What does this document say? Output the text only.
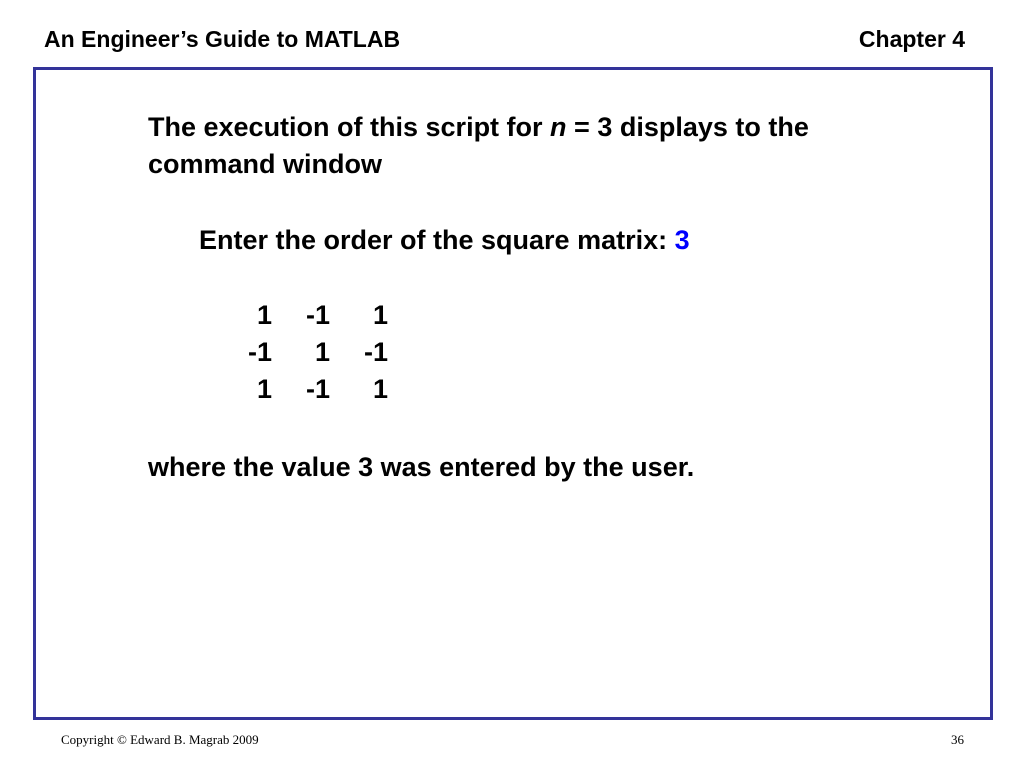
An Engineer’s Guide to MATLAB	Chapter 4
The execution of this script for n = 3 displays to the
command window
Enter the order of the square matrix: 3
1	-1	1
-1	1	-1
1	-1	1
where the value 3 was entered by the user.
Copyright © Edward B. Magrab 2009	36
